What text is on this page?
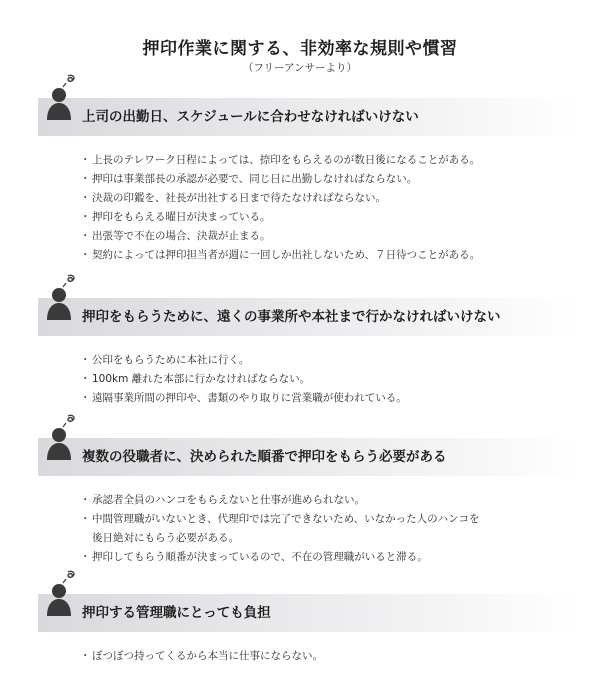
押印作業に関する、非効率な規則や慣習
（フリーアンサーより）
上司の出勤日、スケジュールに合わせなければいけない
・ 上長のテレワーク日程によっては、捺印をもらえるのが数日後になることがある。
・ 押印は事業部長の承認が必要で、同じ日に出勤しなければならない。
・ 決裁の印鑑を、社長が出社する日まで待たなければならない。
・ 押印をもらえる曜日が決まっている。
・ 出張等で不在の場合、決裁が止まる。
・ 契約によっては押印担当者が週に一回しか出社しないため、７日待つことがある。
押印をもらうために、遠くの事業所や本社まで行かなければいけない
・ 公印をもらうために本社に行く。
・ 100km 離れた本部に行かなければならない。
・ 遠隔事業所間の押印や、書類のやり取りに営業職が使われている。
複数の役職者に、決められた順番で押印をもらう必要がある
・ 承認者全員のハンコをもらえないと仕事が進められない。
・ 中間管理職がいないとき、代理印では完了できないため、いなかった人のハンコを
後日絶対にもらう必要がある。
・ 押印してもらう順番が決まっているので、不在の管理職がいると滞る。
押印する管理職にとっても負担
・ ぼつぼつ持ってくるから本当に仕事にならない。
